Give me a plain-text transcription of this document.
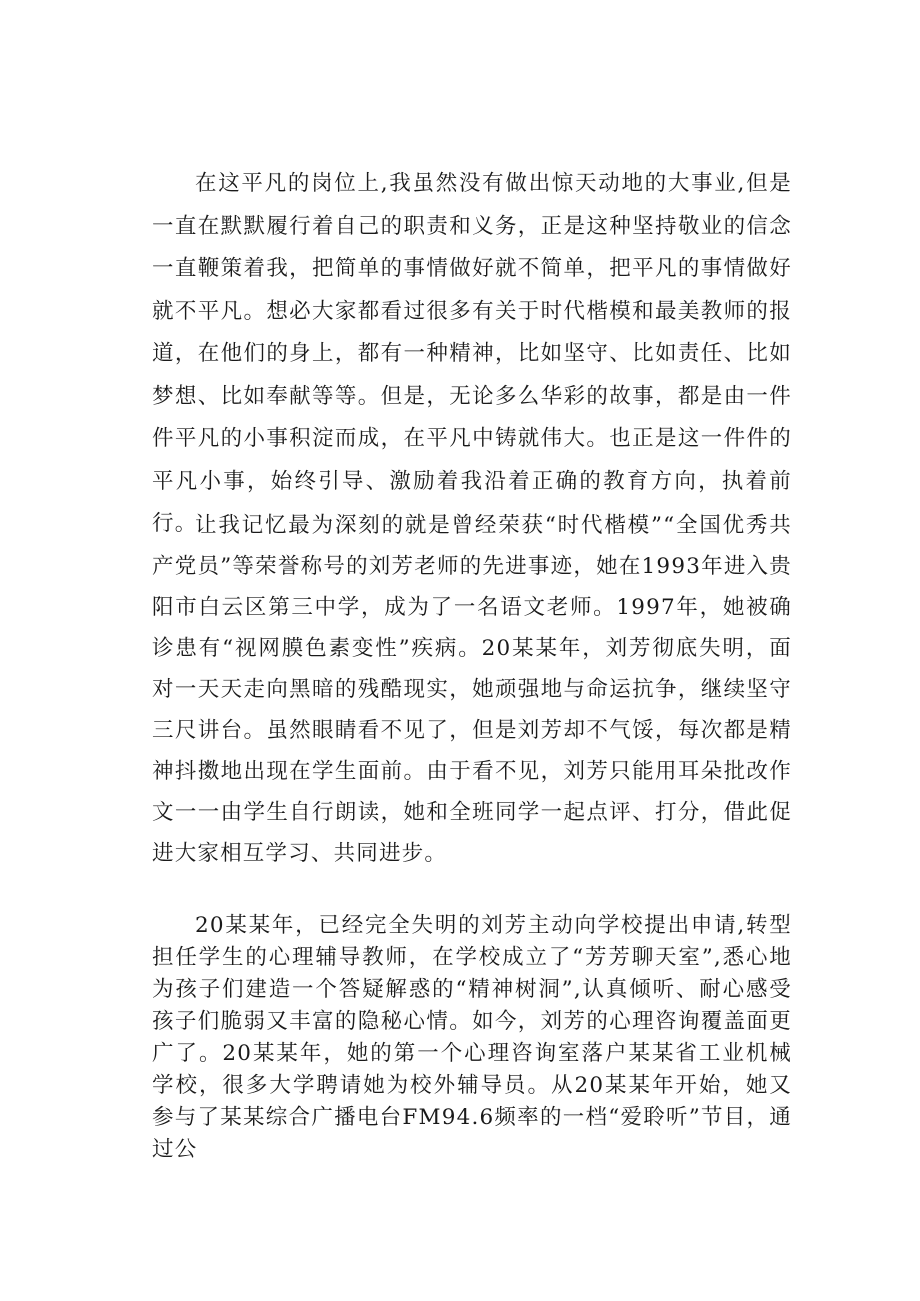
在这平凡的岗位上,我虽然没有做出惊天动地的大事业,但是一直在默默履行着自己的职责和义务，正是这种坚持敬业的信念一直鞭策着我，把简单的事情做好就不简单，把平凡的事情做好就不平凡。想必大家都看过很多有关于时代楷模和最美教师的报道，在他们的身上，都有一种精神，比如坚守、比如责任、比如梦想、比如奉献等等。但是，无论多么华彩的故事，都是由一件件平凡的小事积淀而成，在平凡中铸就伟大。也正是这一件件的平凡小事，始终引导、激励着我沿着正确的教育方向，执着前行。

让我记忆最为深刻的就是曾经荣获“时代楷模”“全国优秀共产党员”等荣誉称号的刘芳老师的先进事迹，她在1993年进入贵阳市白云区第三中学，成为了一名语文老师。1997年，她被确诊患有“视网膜色素变性”疾病。20某某年，刘芳彻底失明，面对一天天走向黑暗的残酷现实，她顽强地与命运抗争，继续坚守三尺讲台。虽然眼睛看不见了，但是刘芳却不气馁，每次都是精神抖擞地出现在学生面前。由于看不见，刘芳只能用耳朵批改作文一一由学生自行朗读，她和全班同学一起点评、打分，借此促进大家相互学习、共同进步。

20某某年，已经完全失明的刘芳主动向学校提出申请,转型担任学生的心理辅导教师，在学校成立了“芳芳聊天室”,悉心地为孩子们建造一个答疑解惑的“精神树洞”,认真倾听、耐心感受孩子们脆弱又丰富的隐秘心情。如今，刘芳的心理咨询覆盖面更广了。20某某年，她的第一个心理咨询室落户某某省工业机械学校，很多大学聘请她为校外辅导员。从20某某年开始，她又参与了某某综合广播电台FM94.6频率的一档“爱聆听”节目，通过公
